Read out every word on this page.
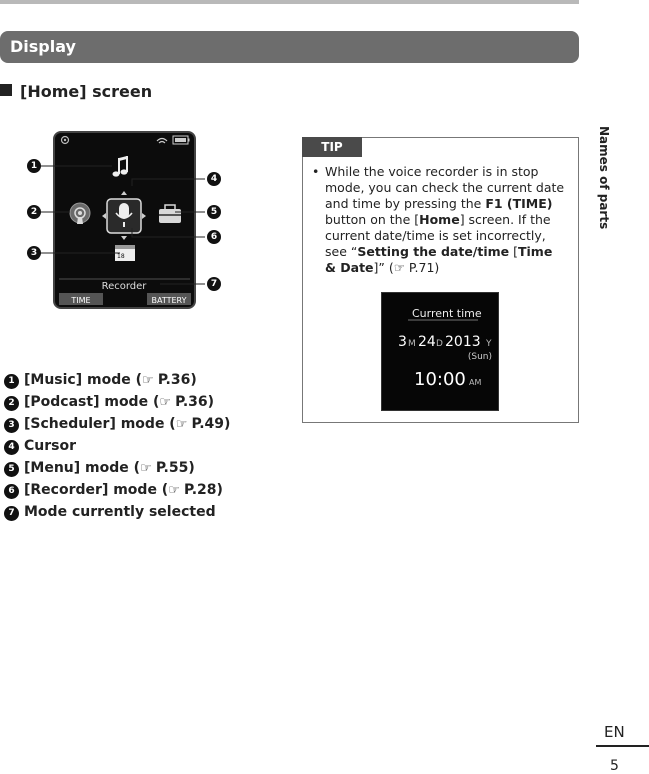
Display
[Home] screen
Names of parts
18
Recorder
TIME	BATTERY
1
2
3
4
5
6
7
1 [Music] mode (☞ P.36)
2 [Podcast] mode (☞ P.36)
3 [Scheduler] mode (☞ P.49)
4 Cursor
5 [Menu] mode (☞ P.55)
6 [Recorder] mode (☞ P.28)
7 Mode currently selected
TIP
• While the voice recorder is in stop mode, you can check the current date and time by pressing the F1 (TIME) button on the [Home] screen. If the current date/time is set incorrectly, see “Setting the date/time [Time & Date]” (☞ P.71)
Current time
3 M 24 D 2013 Y
(Sun)
10:00 AM
EN
5
